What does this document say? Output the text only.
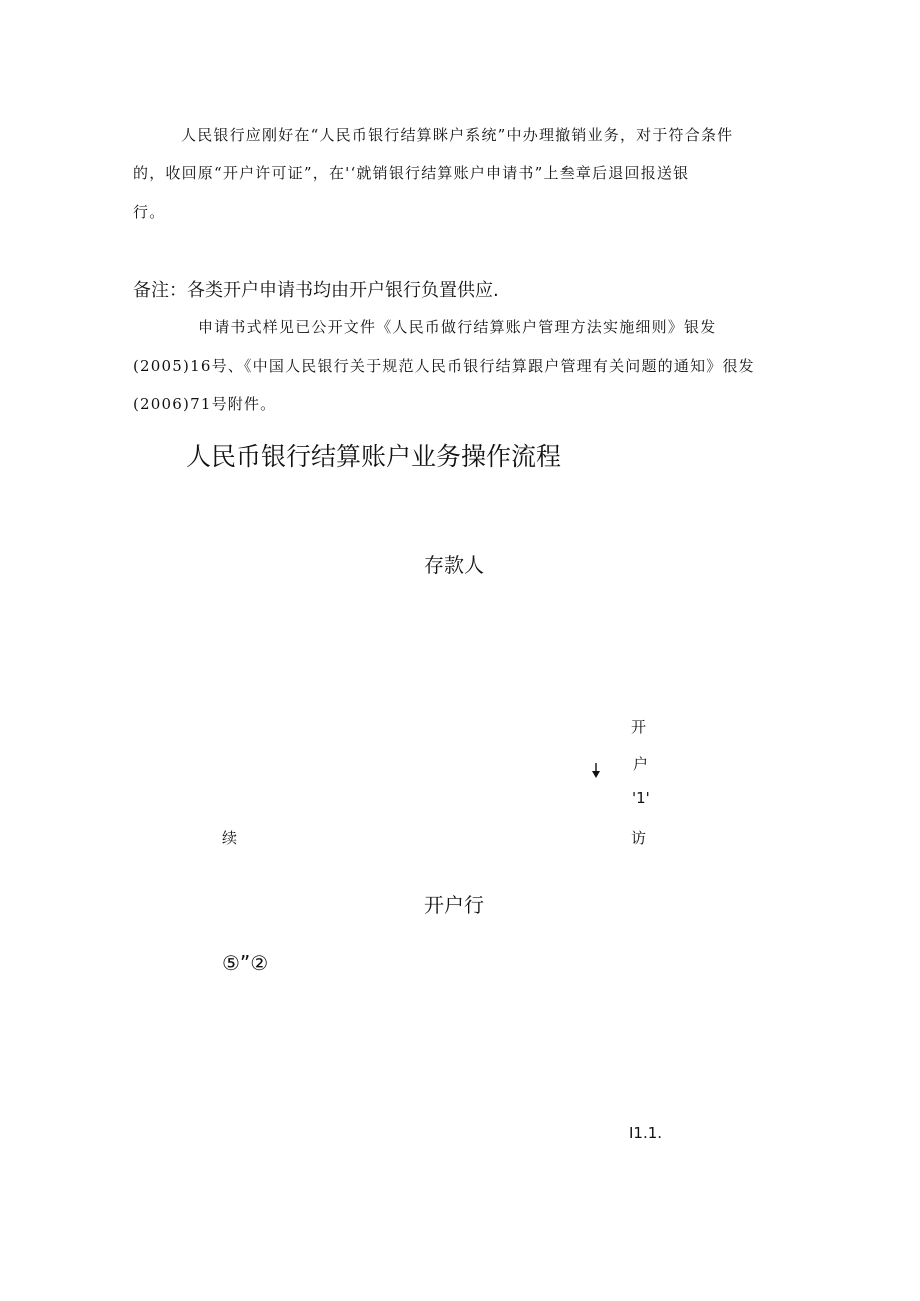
人民银行应刚好在“人民币银行结算眯户系统”中办理撤销业务，对于符合条件

的，收回原“开户许可证”，在'‘就销银行结算账户申请书”上叁章后退回报送银

行。

备注：各类开户申请书均由开户银行负置供应.

申请书式样见已公开文件《人民币做行结算账户管理方法实施细则》银发

(2005)16号、《中国人民银行关于规范人民币银行结算跟户管理有关问题的通知》很发

(2006)71号附件。

人民币银行结算账户业务操作流程
存款人
开
户
'1'
访
续
开户行
⑤”②
I1.1.
